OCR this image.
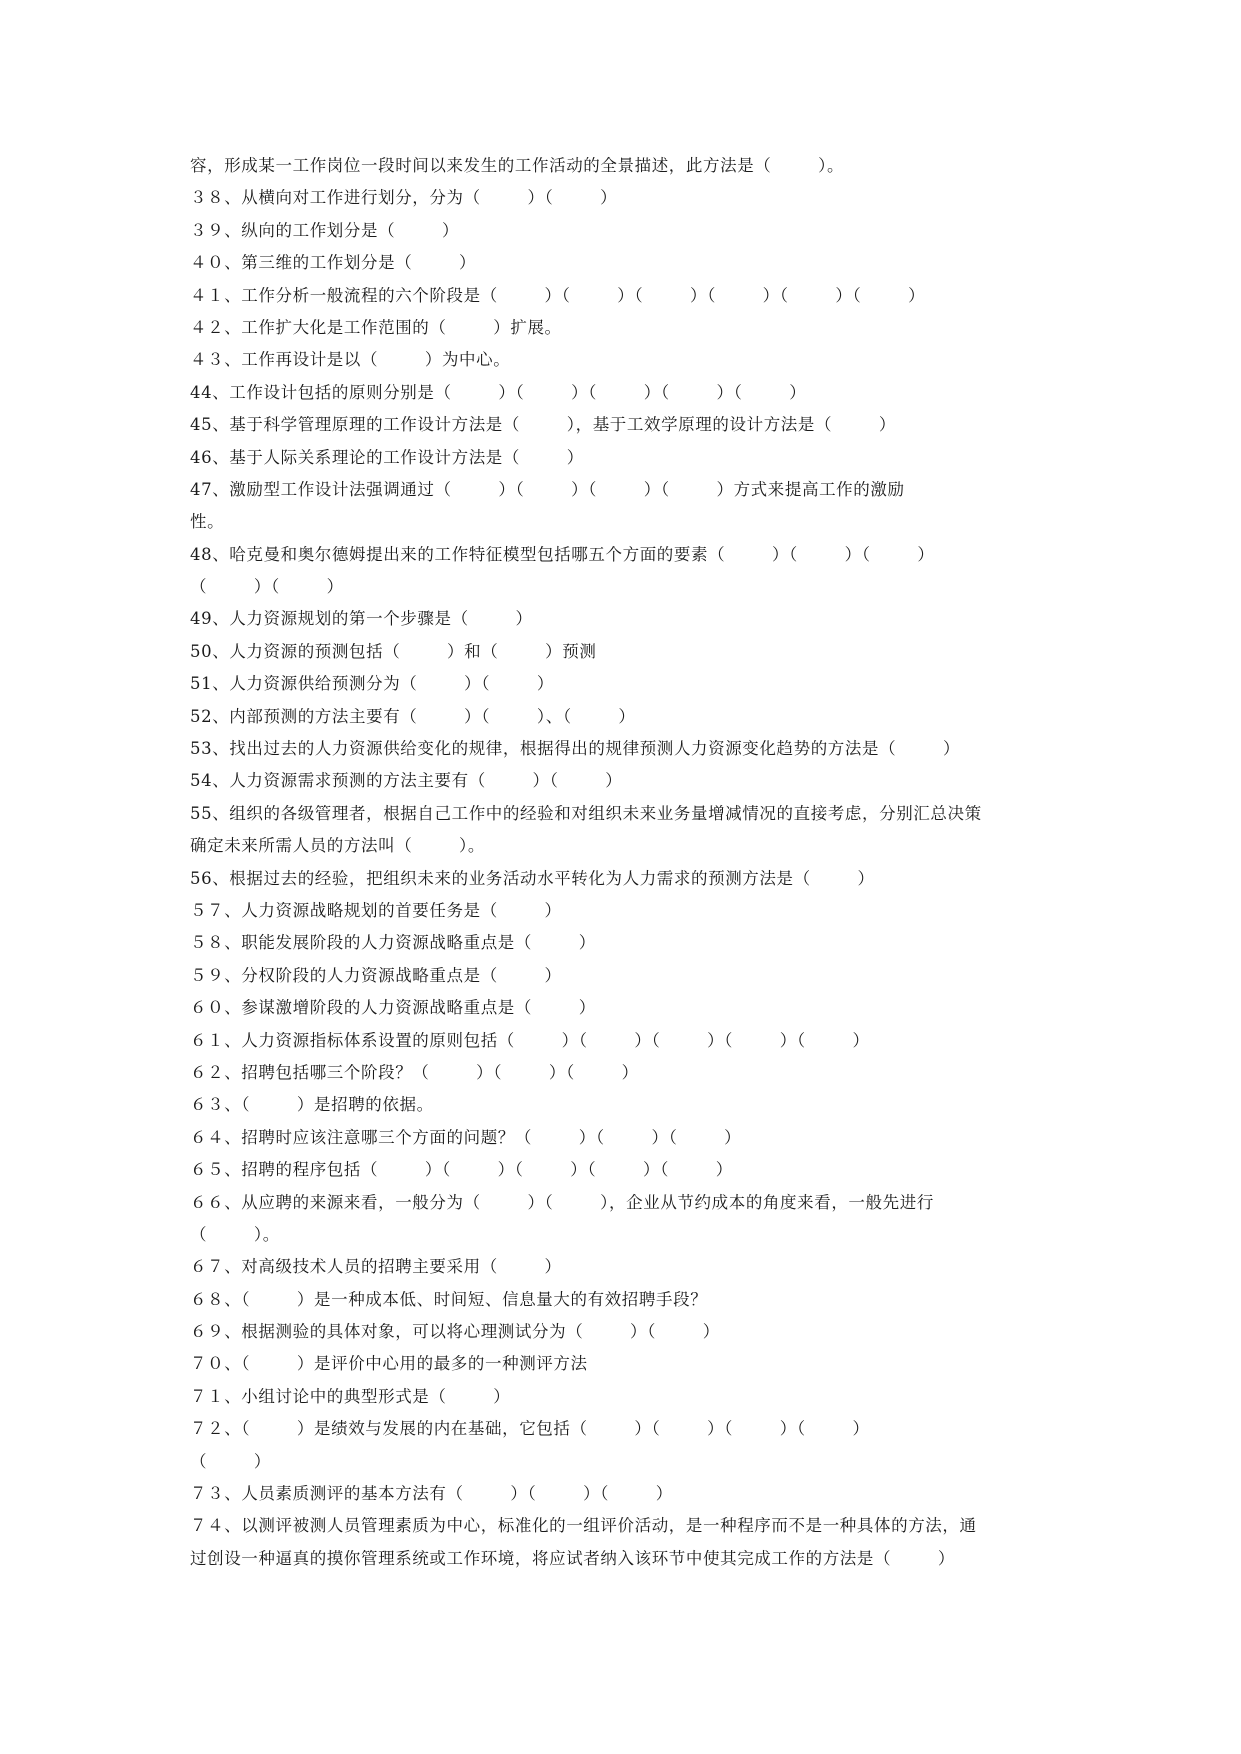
容，形成某一工作岗位一段时间以来发生的工作活动的全景描述，此方法是（        ）。
３８、从横向对工作进行划分，分为（        ）（        ）
３９、纵向的工作划分是（        ）
４０、第三维的工作划分是（        ）
４１、工作分析一般流程的六个阶段是（        ）（        ）（        ）（        ）（        ）（        ）
４２、工作扩大化是工作范围的（        ）扩展。
４３、工作再设计是以（        ）为中心。
44、工作设计包括的原则分别是（        ）（        ）（        ）（        ）（        ）
45、基于科学管理原理的工作设计方法是（        ），基于工效学原理的设计方法是（        ）
46、基于人际关系理论的工作设计方法是（        ）
47、激励型工作设计法强调通过（        ）（        ）（        ）（        ）方式来提高工作的激励
性。
48、哈克曼和奥尔德姆提出来的工作特征模型包括哪五个方面的要素（        ）（        ）（        ）
（        ）（        ）
49、人力资源规划的第一个步骤是（        ）
50、人力资源的预测包括（        ）和（        ）预测
51、人力资源供给预测分为（        ）（        ）
52、内部预测的方法主要有（        ）（        ）、（        ）
53、找出过去的人力资源供给变化的规律，根据得出的规律预测人力资源变化趋势的方法是（        ）
54、人力资源需求预测的方法主要有（        ）（        ）
55、组织的各级管理者，根据自己工作中的经验和对组织未来业务量增减情况的直接考虑，分别汇总决策
确定未来所需人员的方法叫（        ）。
56、根据过去的经验，把组织未来的业务活动水平转化为人力需求的预测方法是（        ）
５７、人力资源战略规划的首要任务是（        ）
５８、职能发展阶段的人力资源战略重点是（        ）
５９、分权阶段的人力资源战略重点是（        ）
６０、参谋激增阶段的人力资源战略重点是（        ）
６１、人力资源指标体系设置的原则包括（        ）（        ）（        ）（        ）（        ）
６２、招聘包括哪三个阶段？（        ）（        ）（        ）
６３、（        ）是招聘的依据。
６４、招聘时应该注意哪三个方面的问题？（        ）（        ）（        ）
６５、招聘的程序包括（        ）（        ）（        ）（        ）（        ）
６６、从应聘的来源来看，一般分为（        ）（        ），企业从节约成本的角度来看，一般先进行
（        ）。
６７、对高级技术人员的招聘主要采用（        ）
６８、（        ）是一种成本低、时间短、信息量大的有效招聘手段？
６９、根据测验的具体对象，可以将心理测试分为（        ）（        ）
７０、（        ）是评价中心用的最多的一种测评方法
７１、小组讨论中的典型形式是（        ）
７２、（        ）是绩效与发展的内在基础，它包括（        ）（        ）（        ）（        ）
（        ）
７３、人员素质测评的基本方法有（        ）（        ）（        ）
７４、以测评被测人员管理素质为中心，标准化的一组评价活动，是一种程序而不是一种具体的方法，通
过创设一种逼真的摸你管理系统或工作环境，将应试者纳入该环节中使其完成工作的方法是（        ）
